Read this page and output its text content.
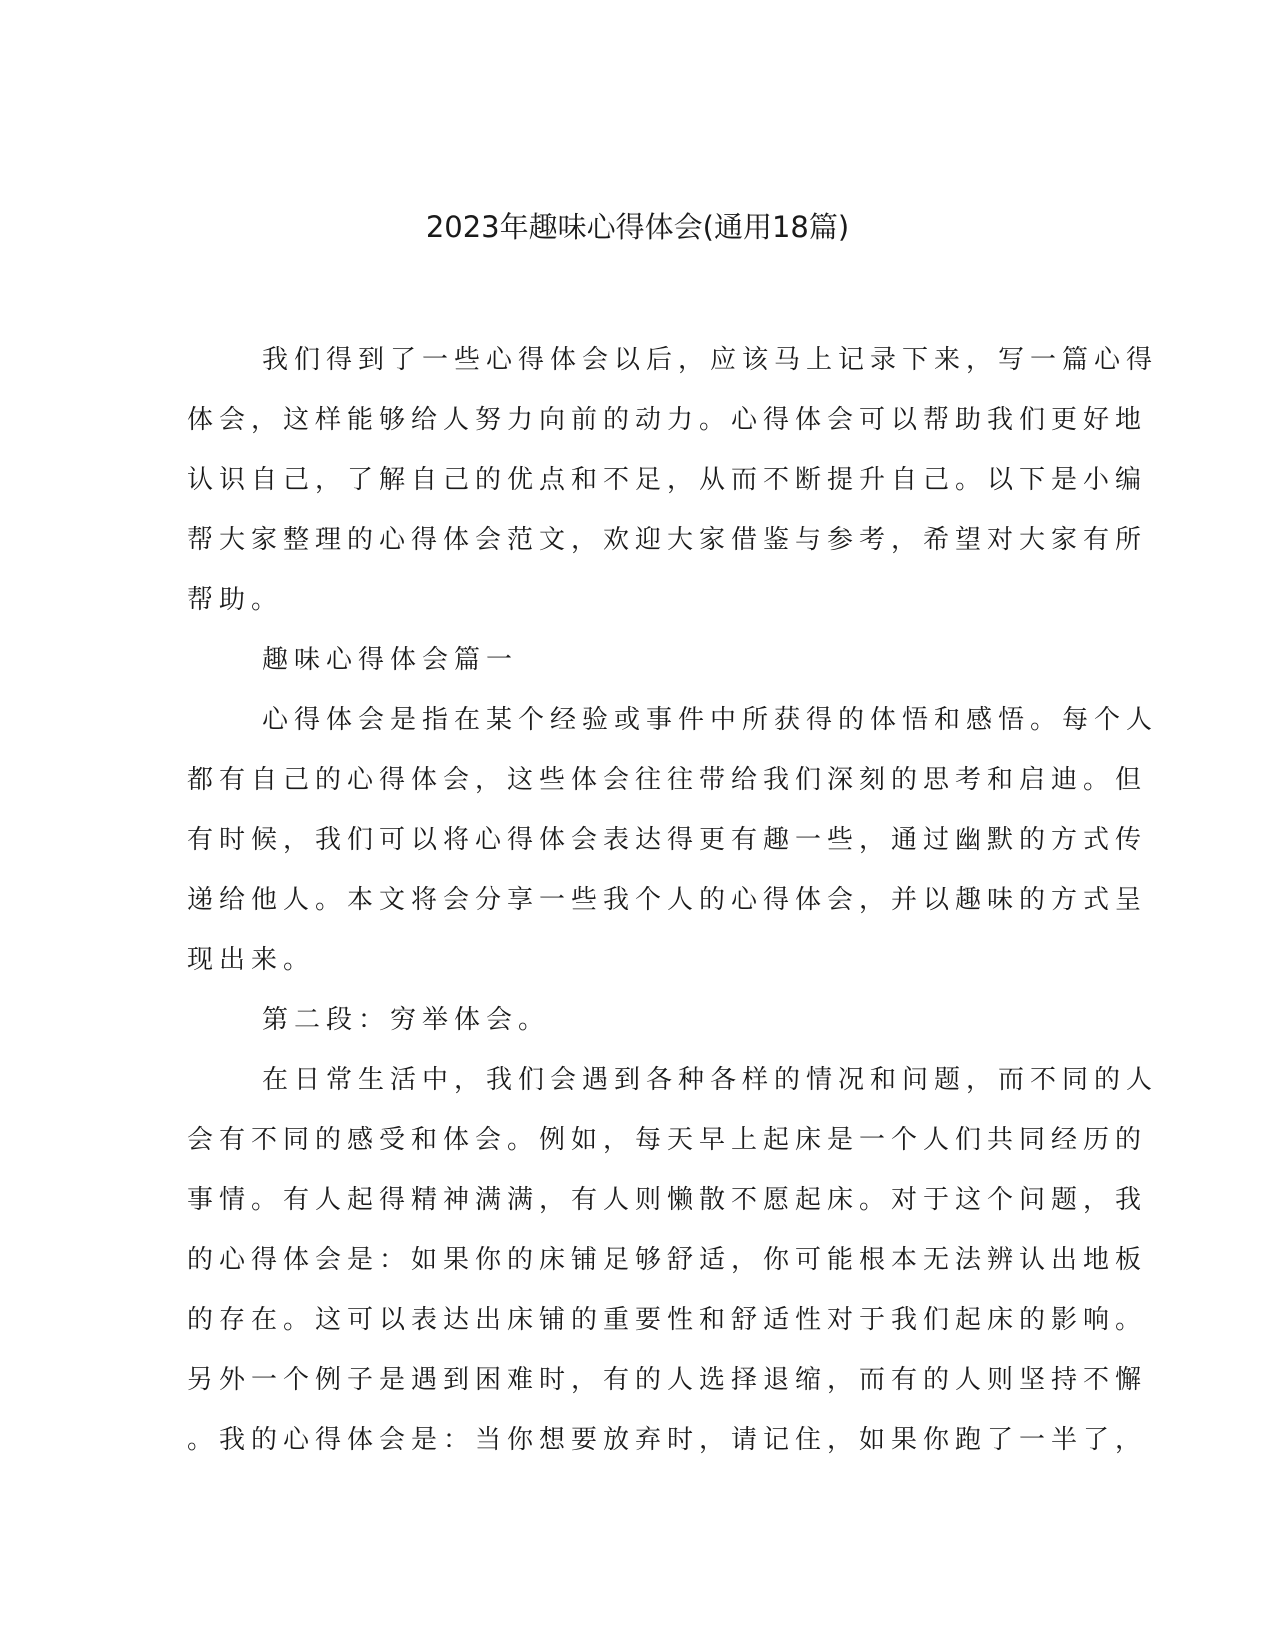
2023年趣味心得体会(通用18篇)
我们得到了一些心得体会以后，应该马上记录下来，写一篇心得
体会，这样能够给人努力向前的动力。心得体会可以帮助我们更好地
认识自己，了解自己的优点和不足，从而不断提升自己。以下是小编
帮大家整理的心得体会范文，欢迎大家借鉴与参考，希望对大家有所
帮助。
趣味心得体会篇一
心得体会是指在某个经验或事件中所获得的体悟和感悟。每个人
都有自己的心得体会，这些体会往往带给我们深刻的思考和启迪。但
有时候，我们可以将心得体会表达得更有趣一些，通过幽默的方式传
递给他人。本文将会分享一些我个人的心得体会，并以趣味的方式呈
现出来。
第二段：穷举体会。
在日常生活中，我们会遇到各种各样的情况和问题，而不同的人
会有不同的感受和体会。例如，每天早上起床是一个人们共同经历的
事情。有人起得精神满满，有人则懒散不愿起床。对于这个问题，我
的心得体会是：如果你的床铺足够舒适，你可能根本无法辨认出地板
的存在。这可以表达出床铺的重要性和舒适性对于我们起床的影响。
另外一个例子是遇到困难时，有的人选择退缩，而有的人则坚持不懈
。我的心得体会是：当你想要放弃时，请记住，如果你跑了一半了，
